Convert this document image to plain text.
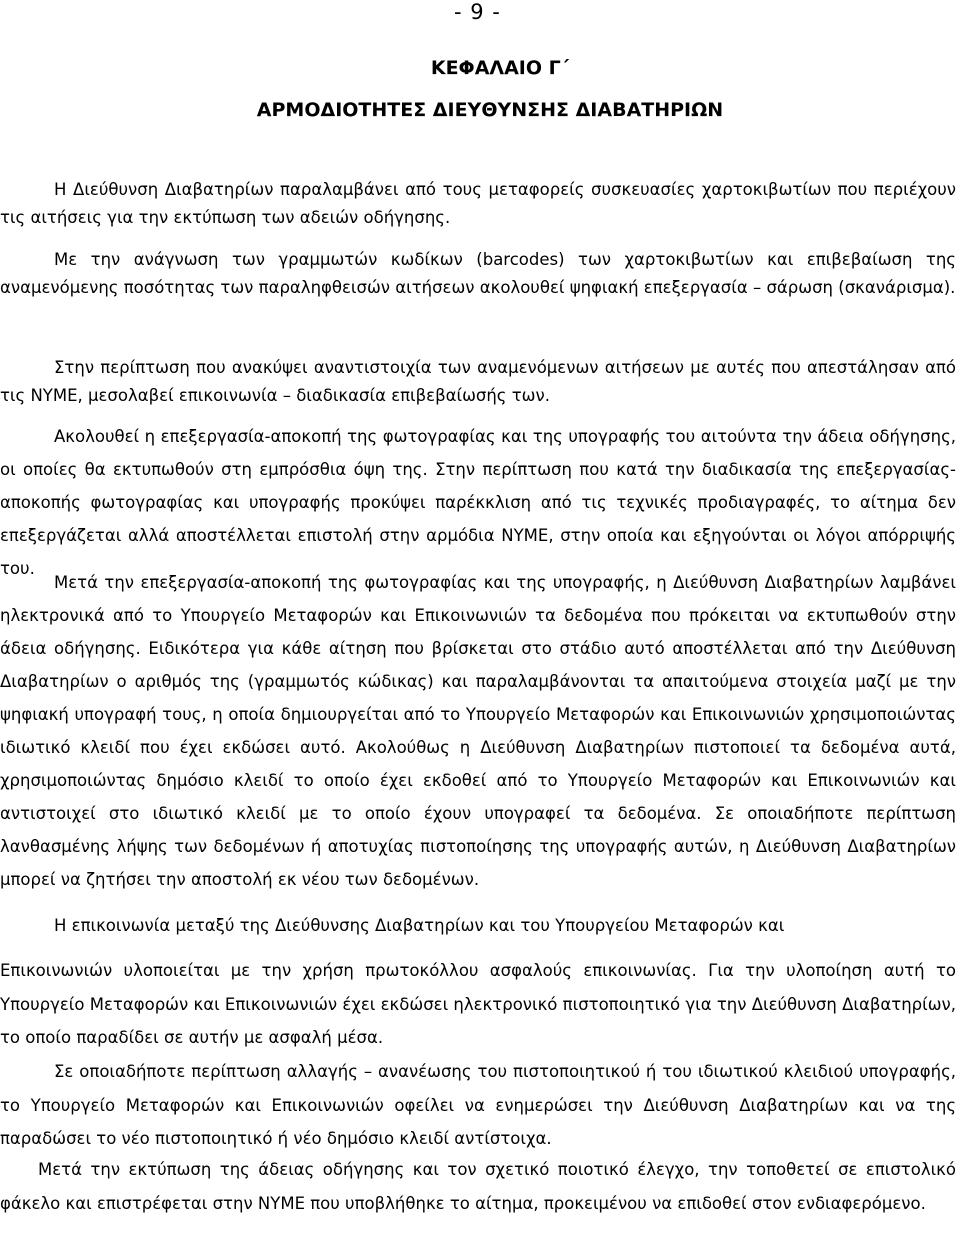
- 9 -
ΚΕΦΑΛΑΙΟ Γ΄
ΑΡΜΟΔΙΟΤΗΤΕΣ ΔΙΕΥΘΥΝΣΗΣ ΔΙΑΒΑΤΗΡΙΩΝ

Η Διεύθυνση Διαβατηρίων παραλαμβάνει από τους μεταφορείς συσκευασίες χαρτοκιβωτίων που περιέχουν τις αιτήσεις για την εκτύπωση των αδειών οδήγησης.

Με την ανάγνωση των γραμμωτών κωδίκων (barcodes) των χαρτοκιβωτίων και επιβεβαίωση της αναμενόμενης ποσότητας των παραληφθεισών αιτήσεων ακολουθεί ψηφιακή επεξεργασία – σάρωση (σκανάρισμα).

Στην περίπτωση που ανακύψει αναντιστοιχία των αναμενόμενων αιτήσεων με αυτές που απεστάλησαν από τις ΝΥΜΕ, μεσολαβεί επικοινωνία – διαδικασία επιβεβαίωσής των.

Ακολουθεί η επεξεργασία-αποκοπή της φωτογραφίας και της υπογραφής του αιτούντα την άδεια οδήγησης, οι οποίες θα εκτυπωθούν στη εμπρόσθια όψη της. Στην περίπτωση που κατά την διαδικασία της επεξεργασίας-αποκοπής φωτογραφίας και υπογραφής προκύψει παρέκκλιση από τις τεχνικές προδιαγραφές, το αίτημα δεν επεξεργάζεται αλλά αποστέλλεται επιστολή στην αρμόδια ΝΥΜΕ, στην οποία και εξηγούνται οι λόγοι απόρριψής του.

Μετά την επεξεργασία-αποκοπή της φωτογραφίας και της υπογραφής, η Διεύθυνση Διαβατηρίων λαμβάνει ηλεκτρονικά από το Υπουργείο Μεταφορών και Επικοινωνιών τα δεδομένα που πρόκειται να εκτυπωθούν στην άδεια οδήγησης. Ειδικότερα για κάθε αίτηση που βρίσκεται στο στάδιο αυτό αποστέλλεται από την Διεύθυνση Διαβατηρίων ο αριθμός της (γραμμωτός κώδικας) και παραλαμβάνονται τα απαιτούμενα στοιχεία μαζί με την ψηφιακή υπογραφή τους, η οποία δημιουργείται από το Υπουργείο Μεταφορών και Επικοινωνιών χρησιμοποιώντας ιδιωτικό κλειδί που έχει εκδώσει αυτό. Ακολούθως η Διεύθυνση Διαβατηρίων πιστοποιεί τα δεδομένα αυτά, χρησιμοποιώντας δημόσιο κλειδί το οποίο έχει εκδοθεί από το Υπουργείο Μεταφορών και Επικοινωνιών και αντιστοιχεί στο ιδιωτικό κλειδί με το οποίο έχουν υπογραφεί τα δεδομένα. Σε οποιαδήποτε περίπτωση λανθασμένης λήψης των δεδομένων ή αποτυχίας πιστοποίησης της υπογραφής αυτών, η Διεύθυνση Διαβατηρίων μπορεί να ζητήσει την αποστολή εκ νέου των δεδομένων.

Η επικοινωνία μεταξύ της Διεύθυνσης Διαβατηρίων και του Υπουργείου Μεταφορών και

Επικοινωνιών υλοποιείται με την χρήση πρωτοκόλλου ασφαλούς επικοινωνίας. Για την υλοποίηση αυτή το Υπουργείο Μεταφορών και Επικοινωνιών έχει εκδώσει ηλεκτρονικό πιστοποιητικό για την Διεύθυνση Διαβατηρίων, το οποίο παραδίδει σε αυτήν με ασφαλή μέσα.

Σε οποιαδήποτε περίπτωση αλλαγής – ανανέωσης του πιστοποιητικού ή του ιδιωτικού κλειδιού υπογραφής, το Υπουργείο Μεταφορών και Επικοινωνιών οφείλει να ενημερώσει την Διεύθυνση Διαβατηρίων και να της παραδώσει το νέο πιστοποιητικό ή νέο δημόσιο κλειδί αντίστοιχα.

Μετά την εκτύπωση της άδειας οδήγησης και τον σχετικό ποιοτικό έλεγχο, την τοποθετεί σε επιστολικό φάκελο και επιστρέφεται στην ΝΥΜΕ που υποβλήθηκε το αίτημα, προκειμένου να επιδοθεί στον ενδιαφερόμενο.
